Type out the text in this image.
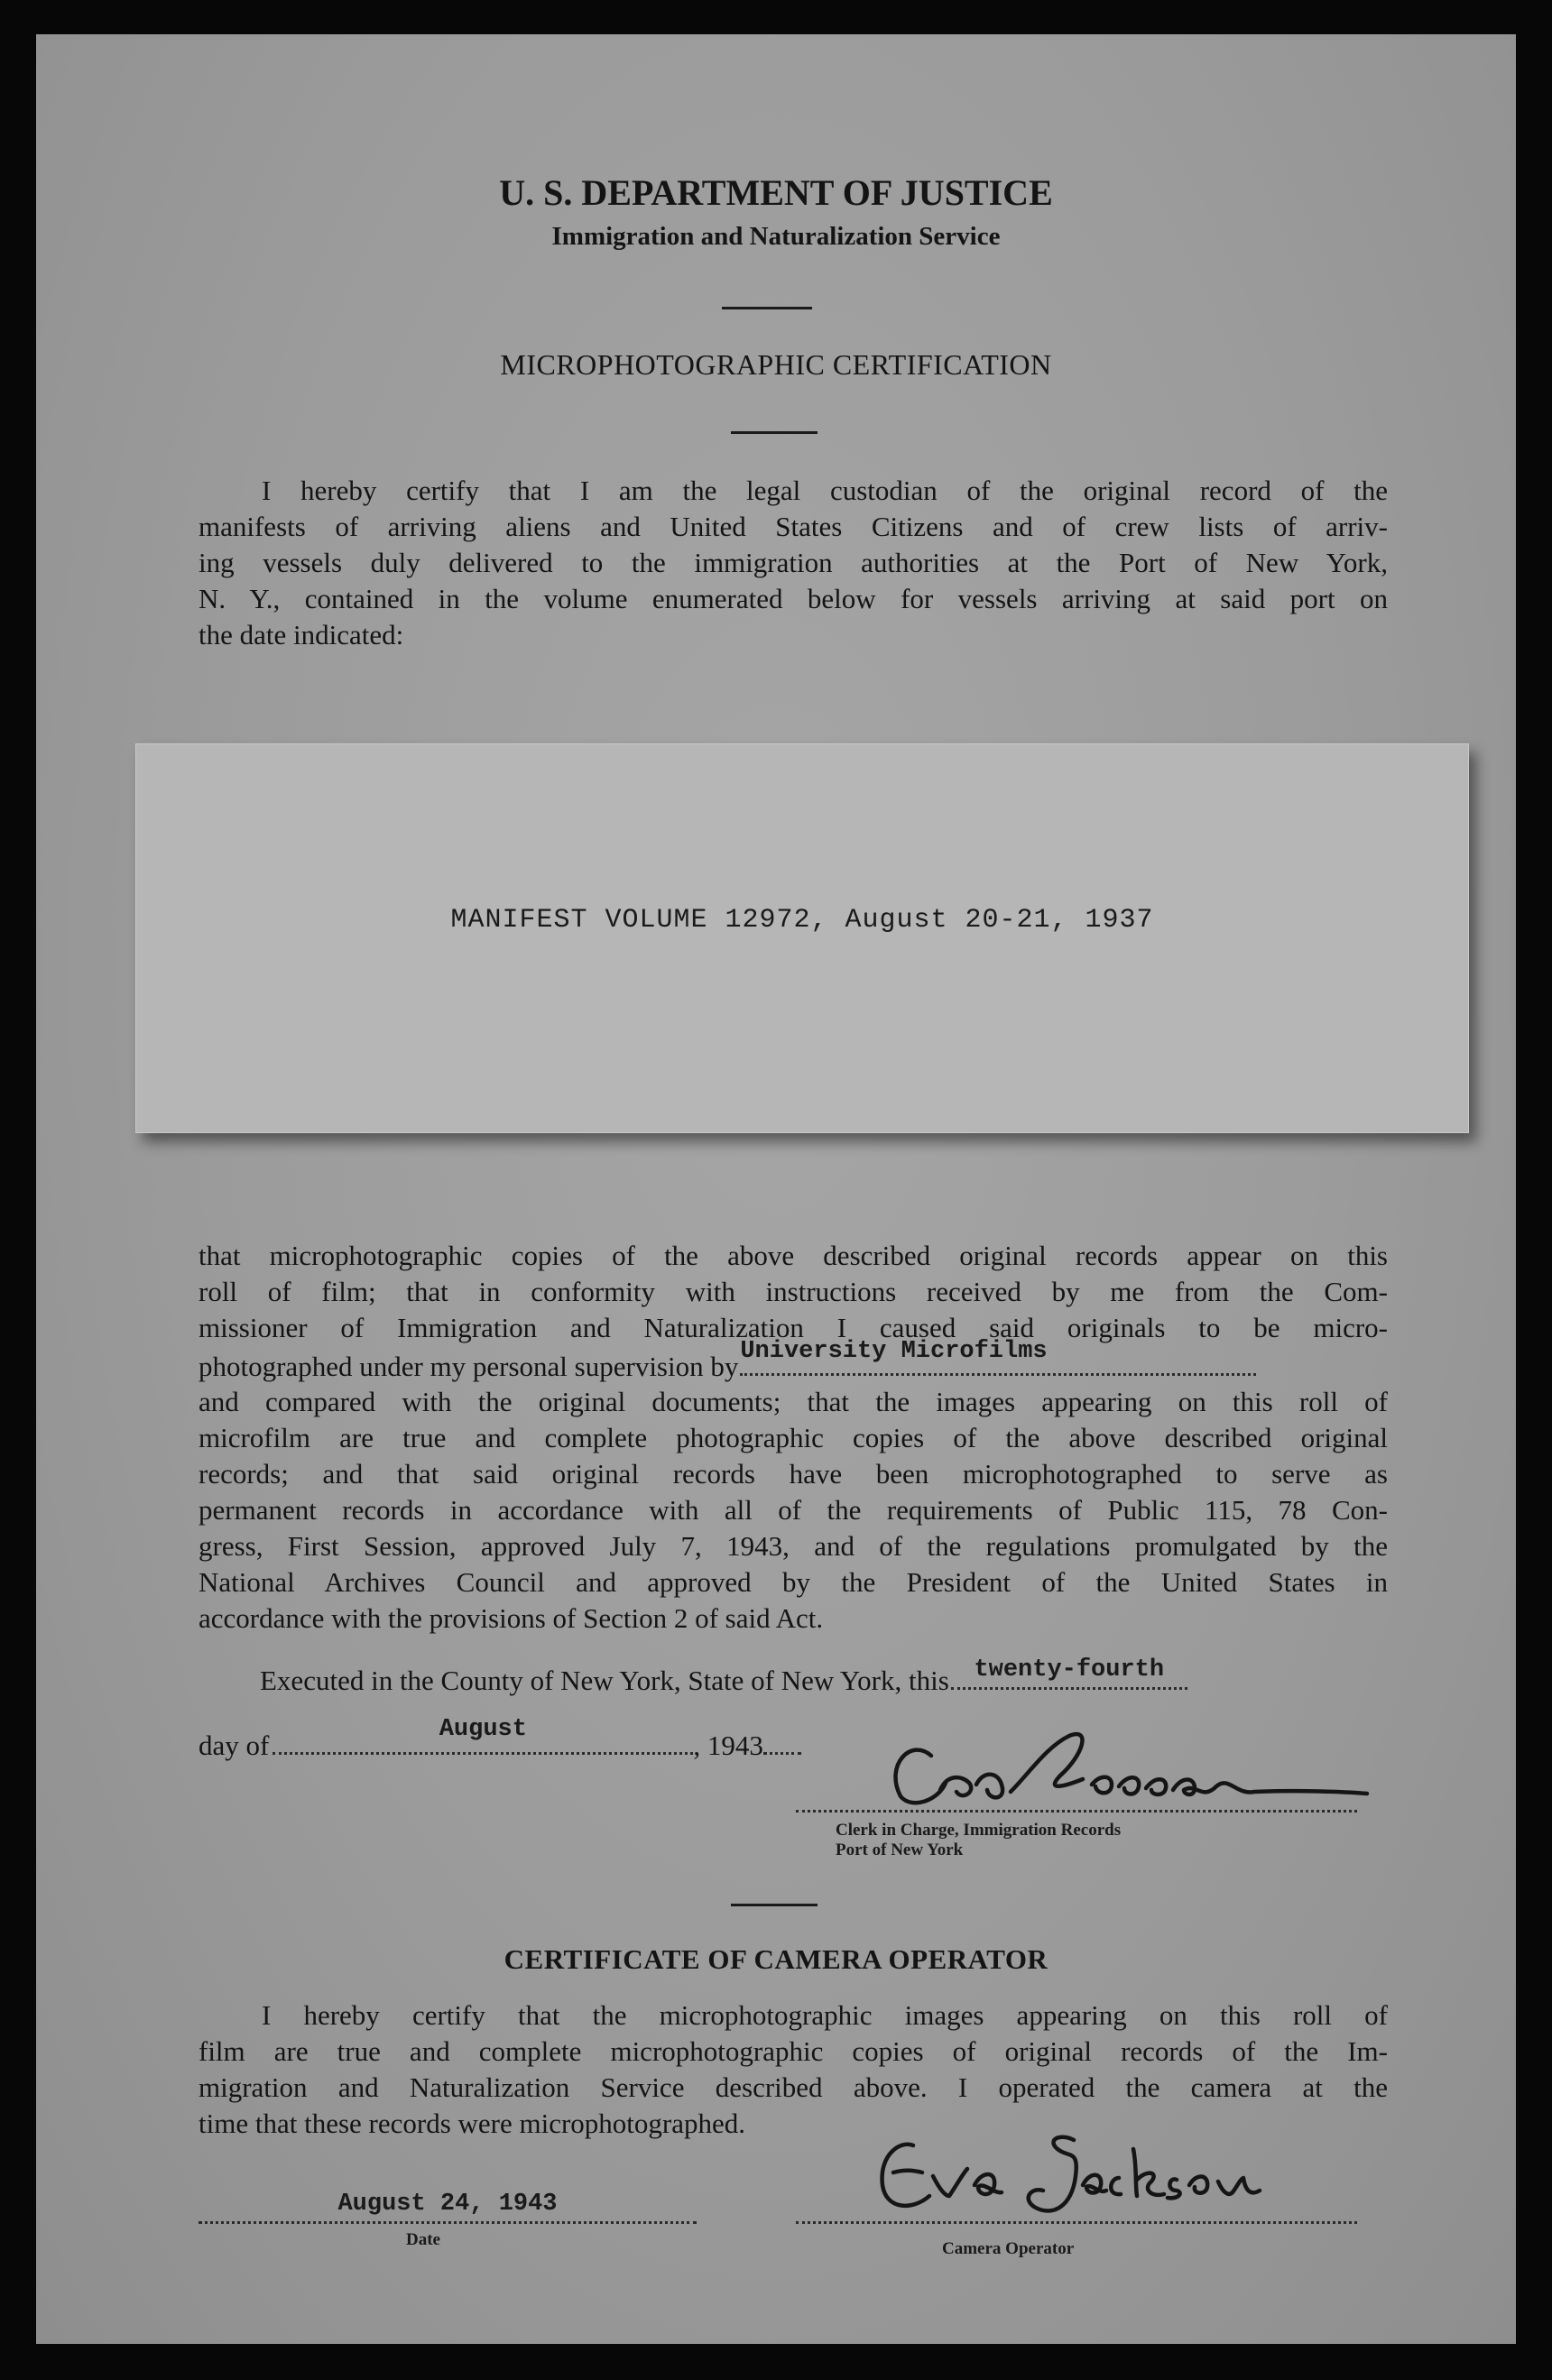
U. S. DEPARTMENT OF JUSTICE
Immigration and Naturalization Service
MICROPHOTOGRAPHIC CERTIFICATION
I hereby certify that I am the legal custodian of the original record of the
manifests of arriving aliens and United States Citizens and of crew lists of arriv-
ing vessels duly delivered to the immigration authorities at the Port of New York,
N. Y., contained in the volume enumerated below for vessels arriving at said port on
the date indicated:
MANIFEST VOLUME 12972, August 20-21, 1937
that microphotographic copies of the above described original records appear on this
roll of film; that in conformity with instructions received by me from the Com-
missioner of Immigration and Naturalization I caused said originals to be micro-
photographed under my personal supervision by University Microfilms
and compared with the original documents; that the images appearing on this roll of
microfilm are true and complete photographic copies of the above described original
records; and that said original records have been microphotographed to serve as
permanent records in accordance with all of the requirements of Public 115, 78 Con-
gress, First Session, approved July 7, 1943, and of the regulations promulgated by the
National Archives Council and approved by the President of the United States in
accordance with the provisions of Section 2 of said Act.
Executed in the County of New York, State of New York, this	twenty-fourth
day of	August	, 1943
Clerk in Charge, Immigration Records
Port of New York
CERTIFICATE OF CAMERA OPERATOR
I hereby certify that the microphotographic images appearing on this roll of
film are true and complete microphotographic copies of original records of the Im-
migration and Naturalization Service described above. I operated the camera at the
time that these records were microphotographed.
August 24, 1943
Date	Camera Operator
